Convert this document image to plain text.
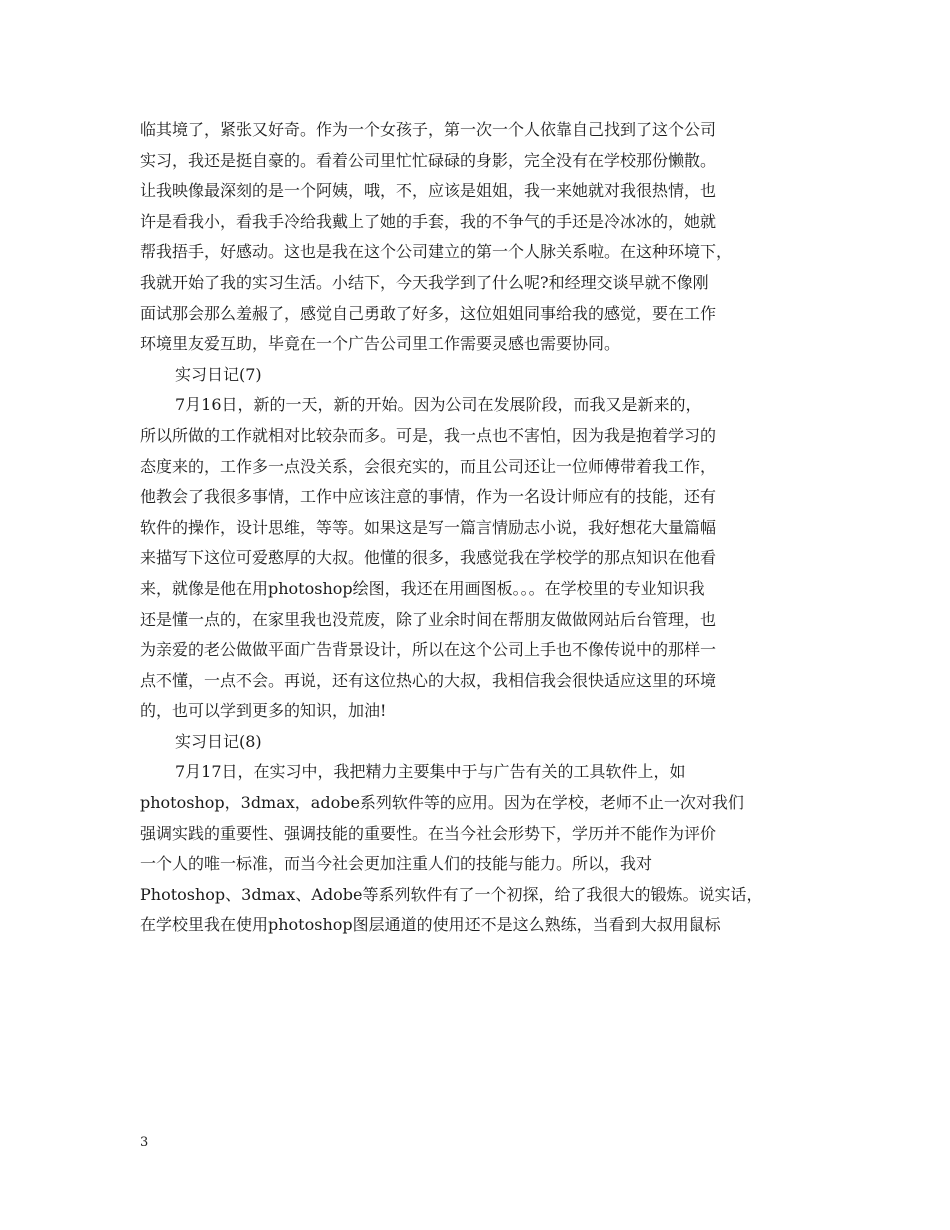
临其境了，紧张又好奇。作为一个女孩子，第一次一个人依靠自己找到了这个公司
实习，我还是挺自豪的。看着公司里忙忙碌碌的身影，完全没有在学校那份懒散。
让我映像最深刻的是一个阿姨，哦，不，应该是姐姐，我一来她就对我很热情，也
许是看我小，看我手冷给我戴上了她的手套，我的不争气的手还是冷冰冰的，她就
帮我捂手，好感动。这也是我在这个公司建立的第一个人脉关系啦。在这种环境下，
我就开始了我的实习生活。小结下，今天我学到了什么呢?和经理交谈早就不像刚
面试那会那么羞赧了，感觉自己勇敢了好多，这位姐姐同事给我的感觉，要在工作
环境里友爱互助，毕竟在一个广告公司里工作需要灵感也需要协同。
实习日记(7)
7月16日，新的一天，新的开始。因为公司在发展阶段，而我又是新来的，
所以所做的工作就相对比较杂而多。可是，我一点也不害怕，因为我是抱着学习的
态度来的，工作多一点没关系，会很充实的，而且公司还让一位师傅带着我工作，
他教会了我很多事情，工作中应该注意的事情，作为一名设计师应有的技能，还有
软件的操作，设计思维，等等。如果这是写一篇言情励志小说，我好想花大量篇幅
来描写下这位可爱憨厚的大叔。他懂的很多，我感觉我在学校学的那点知识在他看
来，就像是他在用photoshop绘图，我还在用画图板。。。在学校里的专业知识我
还是懂一点的，在家里我也没荒废，除了业余时间在帮朋友做做网站后台管理，也
为亲爱的老公做做平面广告背景设计，所以在这个公司上手也不像传说中的那样一
点不懂，一点不会。再说，还有这位热心的大叔，我相信我会很快适应这里的环境
的，也可以学到更多的知识，加油!
实习日记(8)
7月17日，在实习中，我把精力主要集中于与广告有关的工具软件上，如
photoshop，3dmax，adobe系列软件等的应用。因为在学校，老师不止一次对我们
强调实践的重要性、强调技能的重要性。在当今社会形势下，学历并不能作为评价
一个人的唯一标准，而当今社会更加注重人们的技能与能力。所以，我对
Photoshop、3dmax、Adobe等系列软件有了一个初探，给了我很大的锻炼。说实话，
在学校里我在使用photoshop图层通道的使用还不是这么熟练，当看到大叔用鼠标
3
